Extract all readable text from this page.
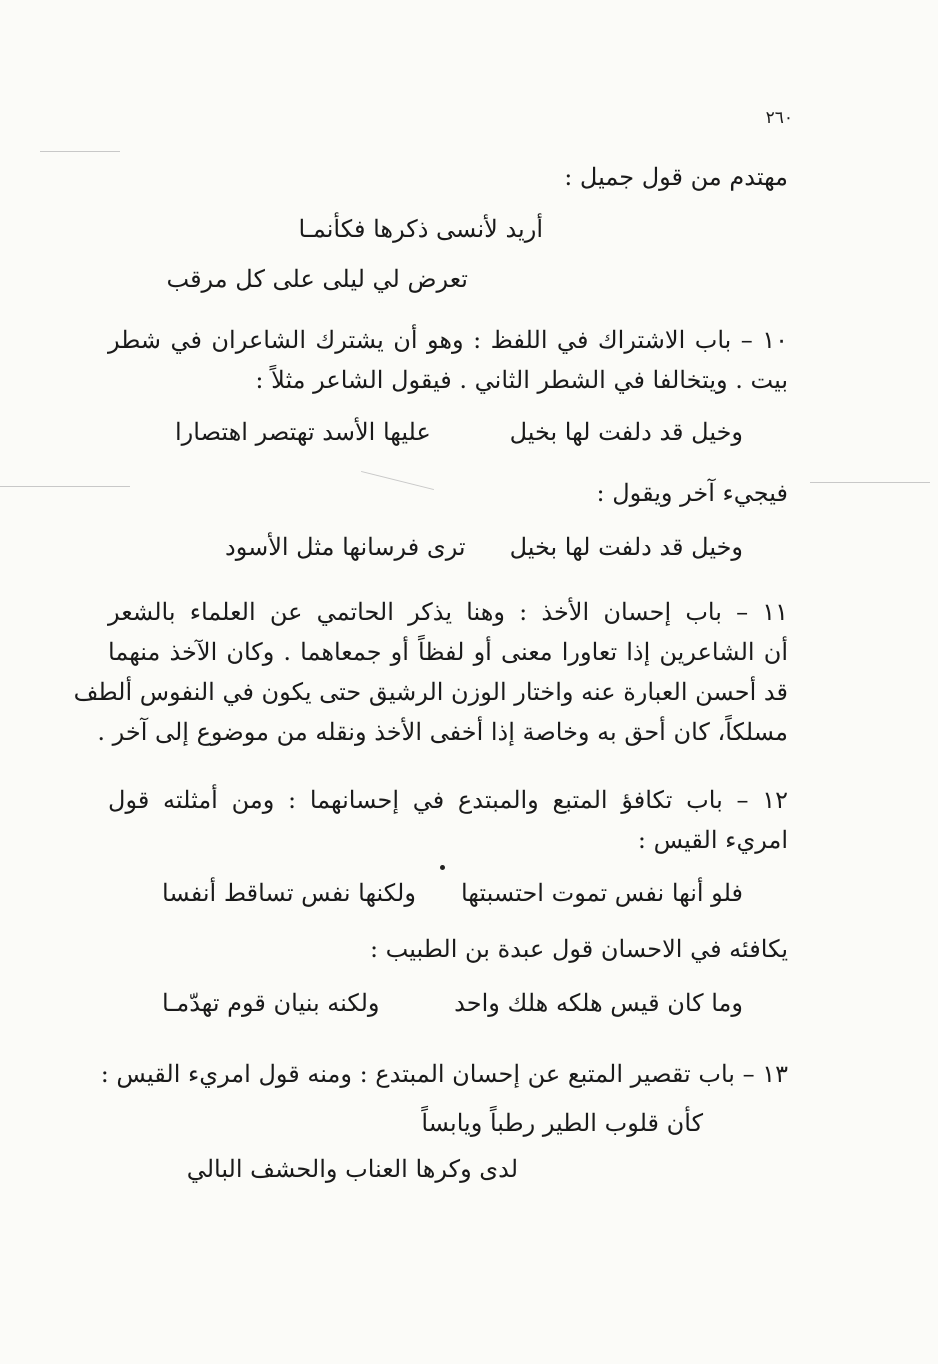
٢٦٠
مهتدم من قول جميل :
أريد لأنسى ذكرها فكأنمـا
تعرض لي ليلى على كل مرقب
١٠ – باب الاشتراك في اللفظ : وهو أن يشترك الشاعران في شطر
بيت . ويتخالفا في الشطر الثاني . فيقول الشاعر مثلاً :
وخيل قد دلفت لها بخيل
عليها الأسد تهتصر اهتصارا
فيجيء آخر ويقول :
وخيل قد دلفت لها بخيل
ترى فرسانها مثل الأسود
١١ – باب إحسان الأخذ : وهنا يذكر الحاتمي عن العلماء بالشعر
أن الشاعرين إذا تعاورا معنى أو لفظاً أو جمعاهما . وكان الآخذ منهما
قد أحسن العبارة عنه واختار الوزن الرشيق حتى يكون في النفوس ألطف
مسلكاً، كان أحق به وخاصة إذا أخفى الأخذ ونقله من موضوع إلى آخر .
١٢ – باب تكافؤ المتبع والمبتدع في إحسانهما : ومن أمثلته قول
امريء القيس :
فلو أنها نفس تموت احتسبتها
ولكنها نفس تساقط أنفسا
يكافئه في الاحسان قول عبدة بن الطبيب :
وما كان قيس هلكه هلك واحد
ولكنه بنيان قوم تهدّمـا
١٣ – باب تقصير المتبع عن إحسان المبتدع : ومنه قول امريء القيس :
كأن قلوب الطير رطباً ويابساً
لدى وكرها العناب والحشف البالي
